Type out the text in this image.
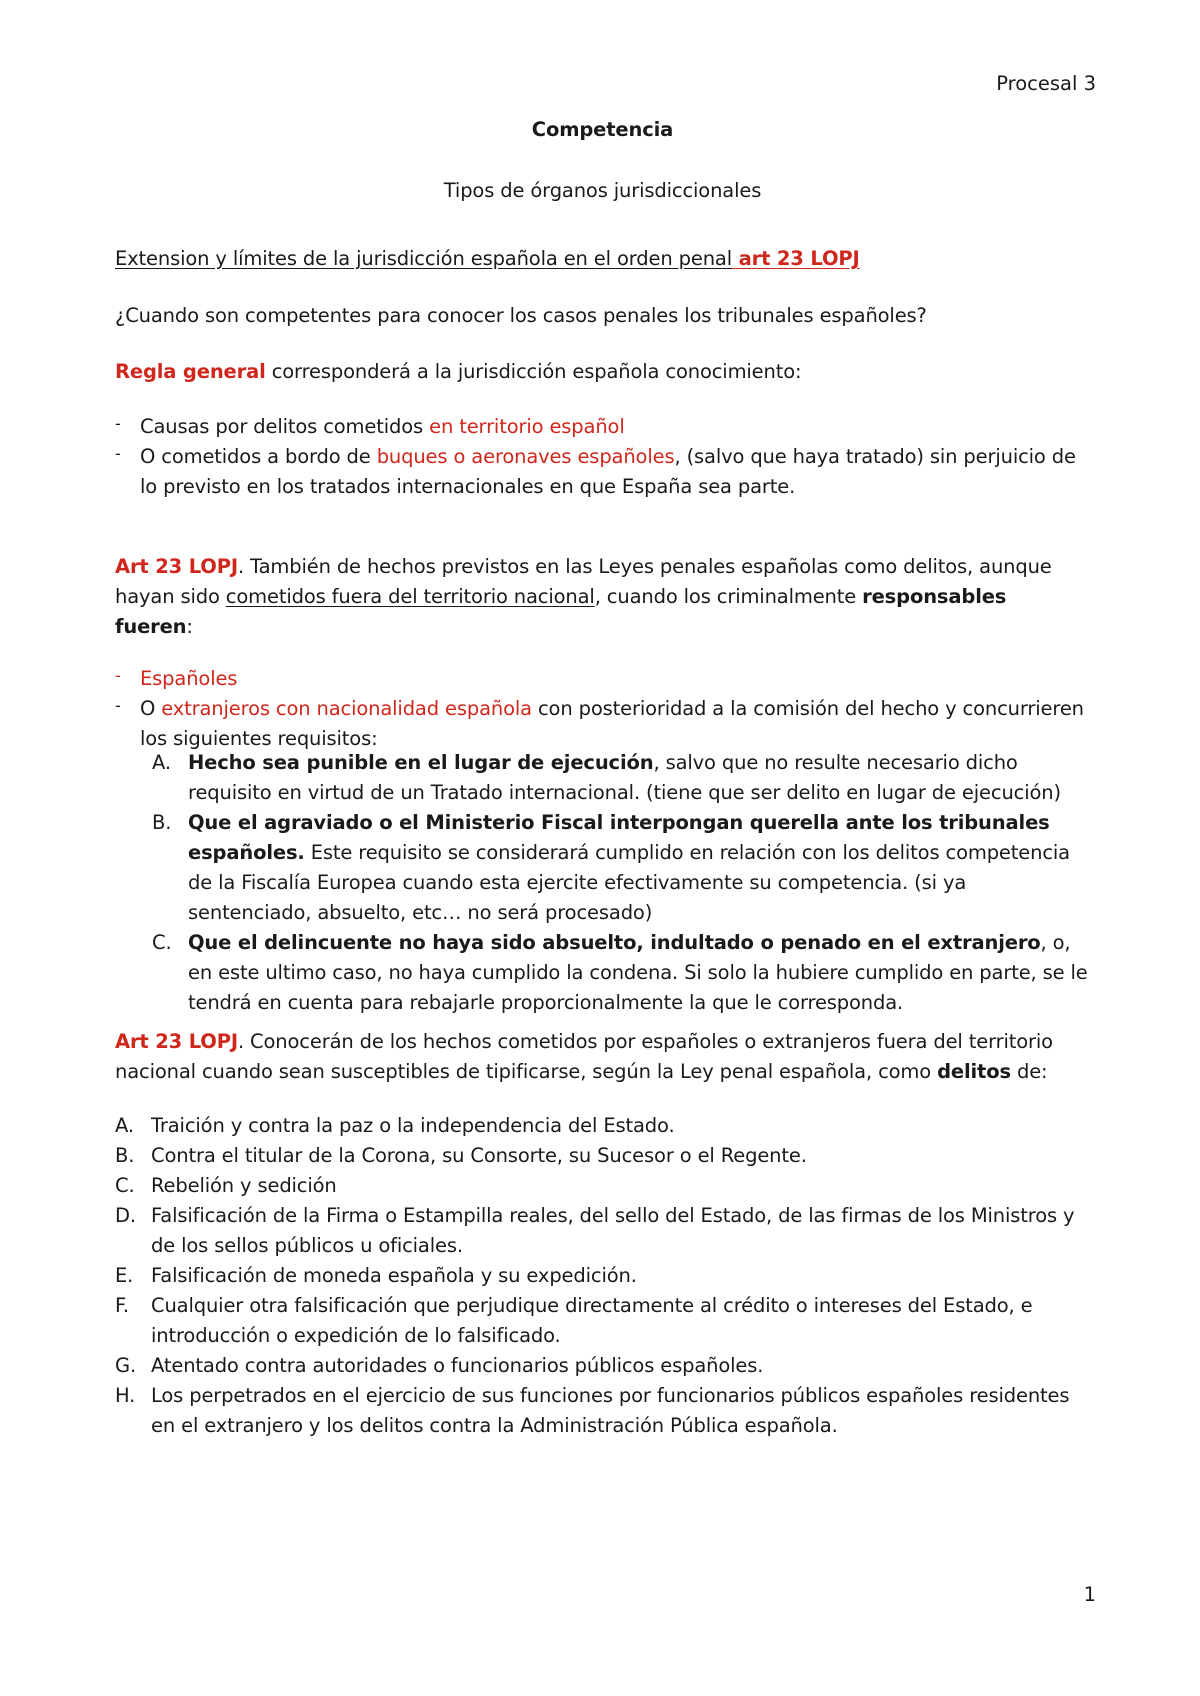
Procesal 3

Competencia

Tipos de órganos jurisdiccionales

Extension y límites de la jurisdicción española en el orden penal art 23 LOPJ

¿Cuando son competentes para conocer los casos penales los tribunales españoles?

Regla general corresponderá a la jurisdicción española conocimiento:

- Causas por delitos cometidos en territorio español
- O cometidos a bordo de buques o aeronaves españoles, (salvo que haya tratado) sin perjuicio de lo previsto en los tratados internacionales en que España sea parte.

Art 23 LOPJ. También de hechos previstos en las Leyes penales españolas como delitos, aunque hayan sido cometidos fuera del territorio nacional, cuando los criminalmente responsables fueren:

- Españoles
- O extranjeros con nacionalidad española con posterioridad a la comisión del hecho y concurrieren los siguientes requisitos:
A. Hecho sea punible en el lugar de ejecución, salvo que no resulte necesario dicho requisito en virtud de un Tratado internacional. (tiene que ser delito en lugar de ejecución)
B. Que el agraviado o el Ministerio Fiscal interpongan querella ante los tribunales españoles. Este requisito se considerará cumplido en relación con los delitos competencia de la Fiscalía Europea cuando esta ejercite efectivamente su competencia. (si ya sentenciado, absuelto, etc… no será procesado)
C. Que el delincuente no haya sido absuelto, indultado o penado en el extranjero, o, en este ultimo caso, no haya cumplido la condena. Si solo la hubiere cumplido en parte, se le tendrá en cuenta para rebajarle proporcionalmente la que le corresponda.

Art 23 LOPJ. Conocerán de los hechos cometidos por españoles o extranjeros fuera del territorio nacional cuando sean susceptibles de tipificarse, según la Ley penal española, como delitos de:

A. Traición y contra la paz o la independencia del Estado.
B. Contra el titular de la Corona, su Consorte, su Sucesor o el Regente.
C. Rebelión y sedición
D. Falsificación de la Firma o Estampilla reales, del sello del Estado, de las firmas de los Ministros y de los sellos públicos u oficiales.
E. Falsificación de moneda española y su expedición.
F. Cualquier otra falsificación que perjudique directamente al crédito o intereses del Estado, e introducción o expedición de lo falsificado.
G. Atentado contra autoridades o funcionarios públicos españoles.
H. Los perpetrados en el ejercicio de sus funciones por funcionarios públicos españoles residentes en el extranjero y los delitos contra la Administración Pública española.
1
